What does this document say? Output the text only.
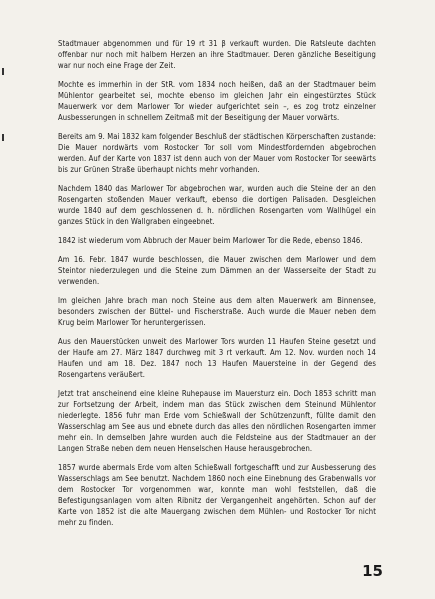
Stadtmauer abgenommen und für 19 rt 31 β verkauft wurden. Die Ratsleute dachten offenbar nur noch mit halbem Herzen an ihre Stadtmauer. Deren gänzliche Beseitigung war nur noch eine Frage der Zeit.

Mochte es immerhin in der StR. vom 1834 noch heißen, daß an der Stadtmauer beim Mühlentor gearbeitet sei, mochte ebenso im gleichen Jahr ein eingestürztes Stück Mauerwerk vor dem Marlower Tor wieder aufgerichtet sein –, es zog trotz einzelner Ausbesserungen in schnellem Zeitmaß mit der Beseitigung der Mauer vorwärts.

Bereits am 9. Mai 1832 kam folgender Beschluß der städtischen Körperschaften zustande: Die Mauer nordwärts vom Rostocker Tor soll vom Mindestfordernden abgebrochen werden. Auf der Karte von 1837 ist denn auch von der Mauer vom Rostocker Tor seewärts bis zur Grünen Straße überhaupt nichts mehr vorhanden.

Nachdem 1840 das Marlower Tor abgebrochen war, wurden auch die Steine der an den Rosengarten stoßenden Mauer verkauft, ebenso die dortigen Palisaden. Desgleichen wurde 1840 auf dem geschlossenen d. h. nördlichen Rosengarten vom Wallhügel ein ganzes Stück in den Wallgraben eingeebnet.

1842 ist wiederum vom Abbruch der Mauer beim Marlower Tor die Rede, ebenso 1846.

Am 16. Febr. 1847 wurde beschlossen, die Mauer zwischen dem Marlower und dem Steintor niederzulegen und die Steine zum Dämmen an der Wasserseite der Stadt zu verwenden.

Im gleichen Jahre brach man noch Steine aus dem alten Mauerwerk am Binnensee, besonders zwischen der Büttel- und Fischerstraße. Auch wurde die Mauer neben dem Krug beim Marlower Tor heruntergerissen.

Aus den Mauerstücken unweit des Marlower Tors wurden 11 Haufen Steine gesetzt und der Haufe am 27. März 1847 durchweg mit 3 rt verkauft. Am 12. Nov. wurden noch 14 Haufen und am 18. Dez. 1847 noch 13 Haufen Mauersteine in der Gegend des Rosengartens veräußert.

Jetzt trat anscheinend eine kleine Ruhepause im Mauersturz ein. Doch 1853 schritt man zur Fortsetzung der Arbeit, indem man das Stück zwischen dem Steinund Mühlentor niederlegte. 1856 fuhr man Erde vom Schießwall der Schützenzunft, füllte damit den Wasserschlag am See aus und ebnete durch das alles den nördlichen Rosengarten immer mehr ein. In demselben Jahre wurden auch die Feldsteine aus der Stadtmauer an der Langen Straße neben dem neuen Henselschen Hause herausgebrochen.

1857 wurde abermals Erde vom alten Schießwall fortgeschafft und zur Ausbesserung des Wasserschlags am See benutzt. Nachdem 1860 noch eine Einebnung des Grabenwalls vor dem Rostocker Tor vorgenommen war, konnte man wohl feststellen, daß die Befestigungsanlagen vom alten Ribnitz der Vergangenheit angehörten. Schon auf der Karte von 1852 ist die alte Mauergang zwischen dem Mühlen- und Rostocker Tor nicht mehr zu finden.

15
